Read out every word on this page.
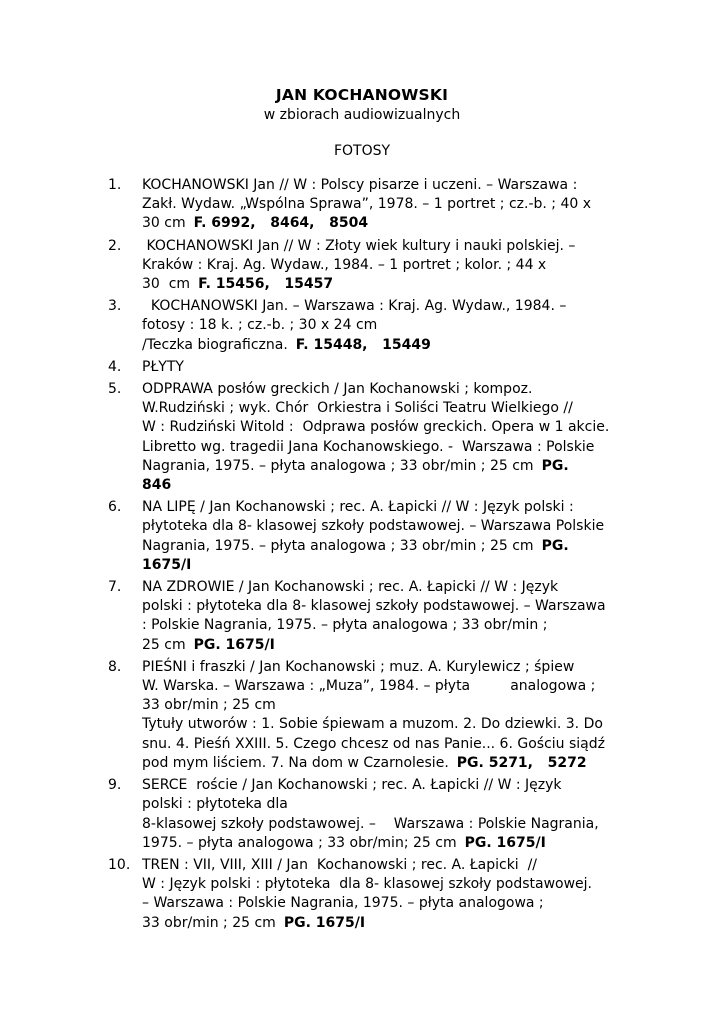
JAN KOCHANOWSKI
w zbiorach audiowizualnych
FOTOSY
1. KOCHANOWSKI Jan // W : Polscy pisarze i uczeni. – Warszawa :
Zakł. Wydaw. „Wspólna Sprawa”, 1978. – 1 portret ; cz.-b. ; 40 x
30 cm F. 6992,   8464,   8504
2. KOCHANOWSKI Jan // W : Złoty wiek kultury i nauki polskiej. –
Kraków : Kraj. Ag. Wydaw., 1984. – 1 portret ; kolor. ; 44 x
30  cm F. 15456,   15457
3. KOCHANOWSKI Jan. – Warszawa : Kraj. Ag. Wydaw., 1984. –
fotosy : 18 k. ; cz.-b. ; 30 x 24 cm
/Teczka biograficzna. F. 15448,   15449
4. PŁYTY
5. ODPRAWA posłów greckich / Jan Kochanowski ; kompoz.
W.Rudziński ; wyk. Chór  Orkiestra i Soliści Teatru Wielkiego //
W : Rudziński Witold :  Odprawa posłów greckich. Opera w 1 akcie.
Libretto wg. tragedii Jana Kochanowskiego. -  Warszawa : Polskie
Nagrania, 1975. – płyta analogowa ; 33 obr/min ; 25 cm PG.
846
6. NA LIPĘ / Jan Kochanowski ; rec. A. Łapicki // W : Język polski :
płytoteka dla 8- klasowej szkoły podstawowej. – Warszawa Polskie
Nagrania, 1975. – płyta analogowa ; 33 obr/min ; 25 cm PG.
1675/I
7. NA ZDROWIE / Jan Kochanowski ; rec. A. Łapicki // W : Język
polski : płytoteka dla 8- klasowej szkoły podstawowej. – Warszawa
: Polskie Nagrania, 1975. – płyta analogowa ; 33 obr/min ;
25 cm PG. 1675/I
8. PIEŚNI i fraszki / Jan Kochanowski ; muz. A. Kurylewicz ; śpiew
W. Warska. – Warszawa : „Muza”, 1984. – płyta         analogowa ;
33 obr/min ; 25 cm
Tytuły utworów : 1. Sobie śpiewam a muzom. 2. Do dziewki. 3. Do
snu. 4. Pieśń XXIII. 5. Czego chcesz od nas Panie... 6. Gościu siądź
pod mym liściem. 7. Na dom w Czarnolesie. PG. 5271,   5272
9. SERCE  roście / Jan Kochanowski ; rec. A. Łapicki // W : Język
polski : płytoteka dla
8-klasowej szkoły podstawowej. –    Warszawa : Polskie Nagrania,
1975. – płyta analogowa ; 33 obr/min; 25 cm PG. 1675/I
10. TREN : VII, VIII, XIII / Jan  Kochanowski ; rec. A. Łapicki  //
W : Język polski : płytoteka  dla 8- klasowej szkoły podstawowej.
– Warszawa : Polskie Nagrania, 1975. – płyta analogowa ;
33 obr/min ; 25 cm PG. 1675/I
